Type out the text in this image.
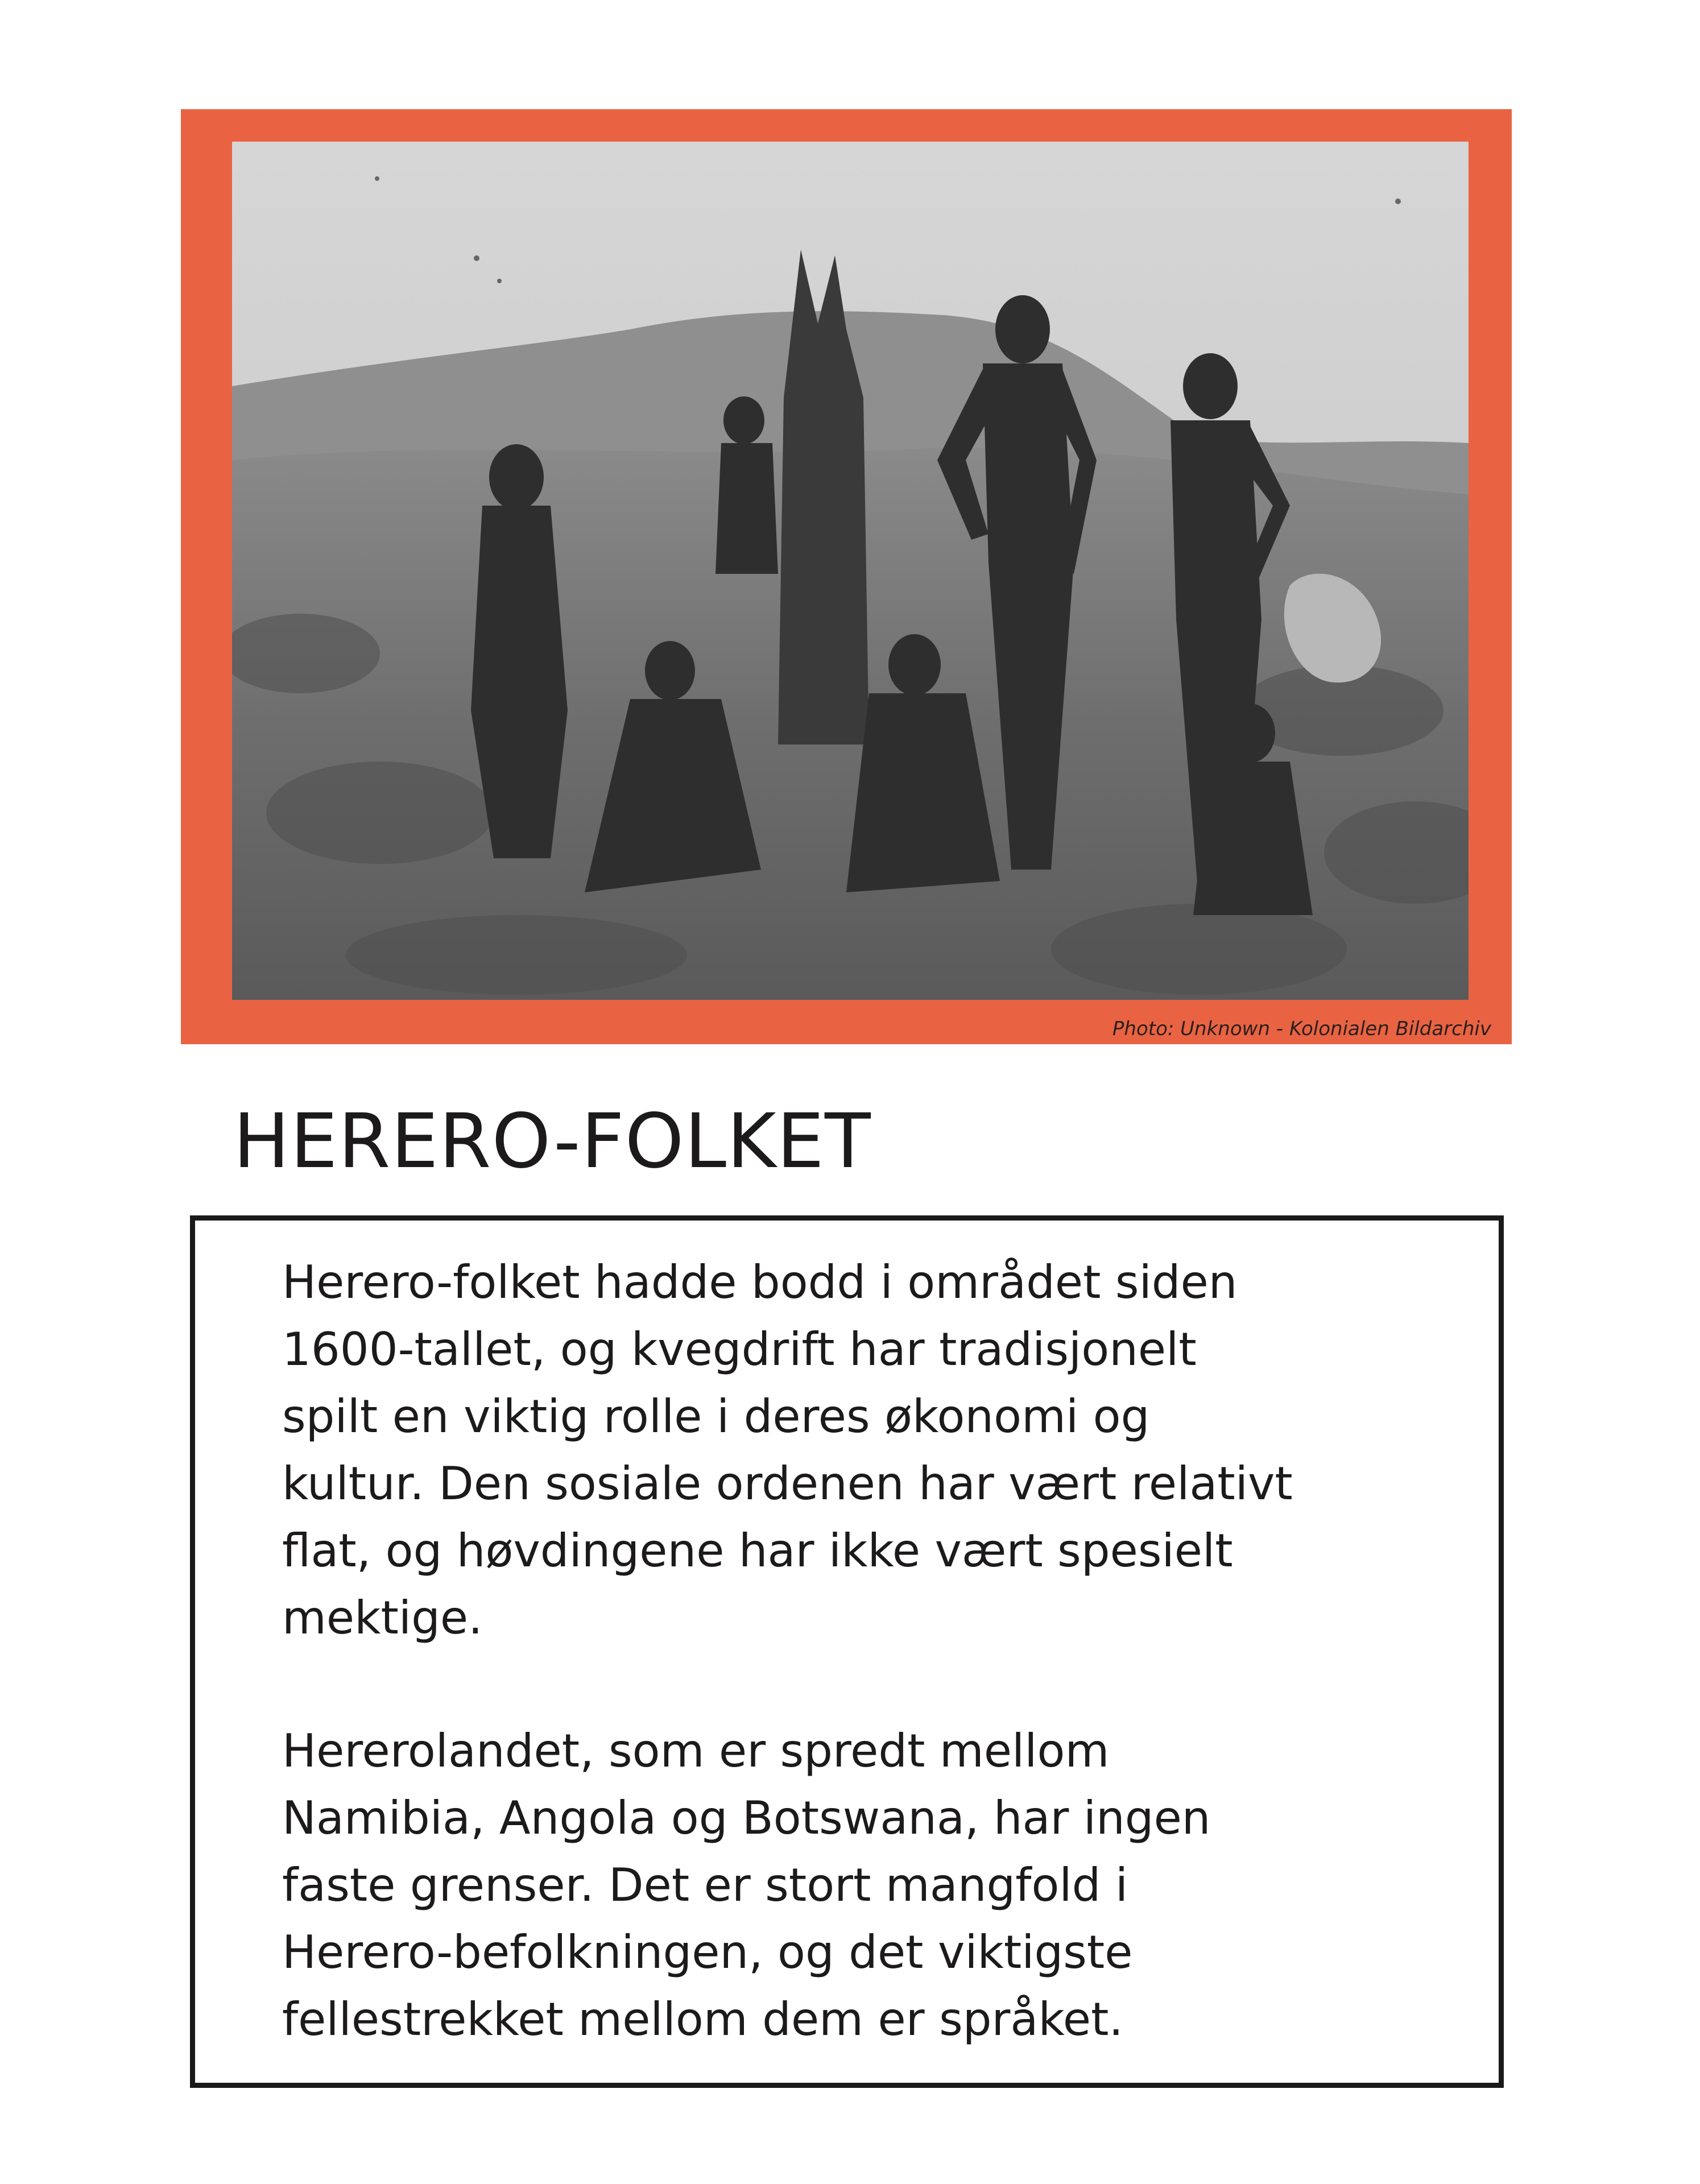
Photo: Unknown - Kolonialen Bildarchiv
HERERO-FOLKET

Herero-folket hadde bodd i området siden
1600-tallet, og kvegdrift har tradisjonelt
spilt en viktig rolle i deres økonomi og
kultur. Den sosiale ordenen har vært relativt
flat, og høvdingene har ikke vært spesielt
mektige.

Hererolandet, som er spredt mellom
Namibia, Angola og Botswana, har ingen
faste grenser. Det er stort mangfold i
Herero-befolkningen, og det viktigste
fellestrekket mellom dem er språket.
